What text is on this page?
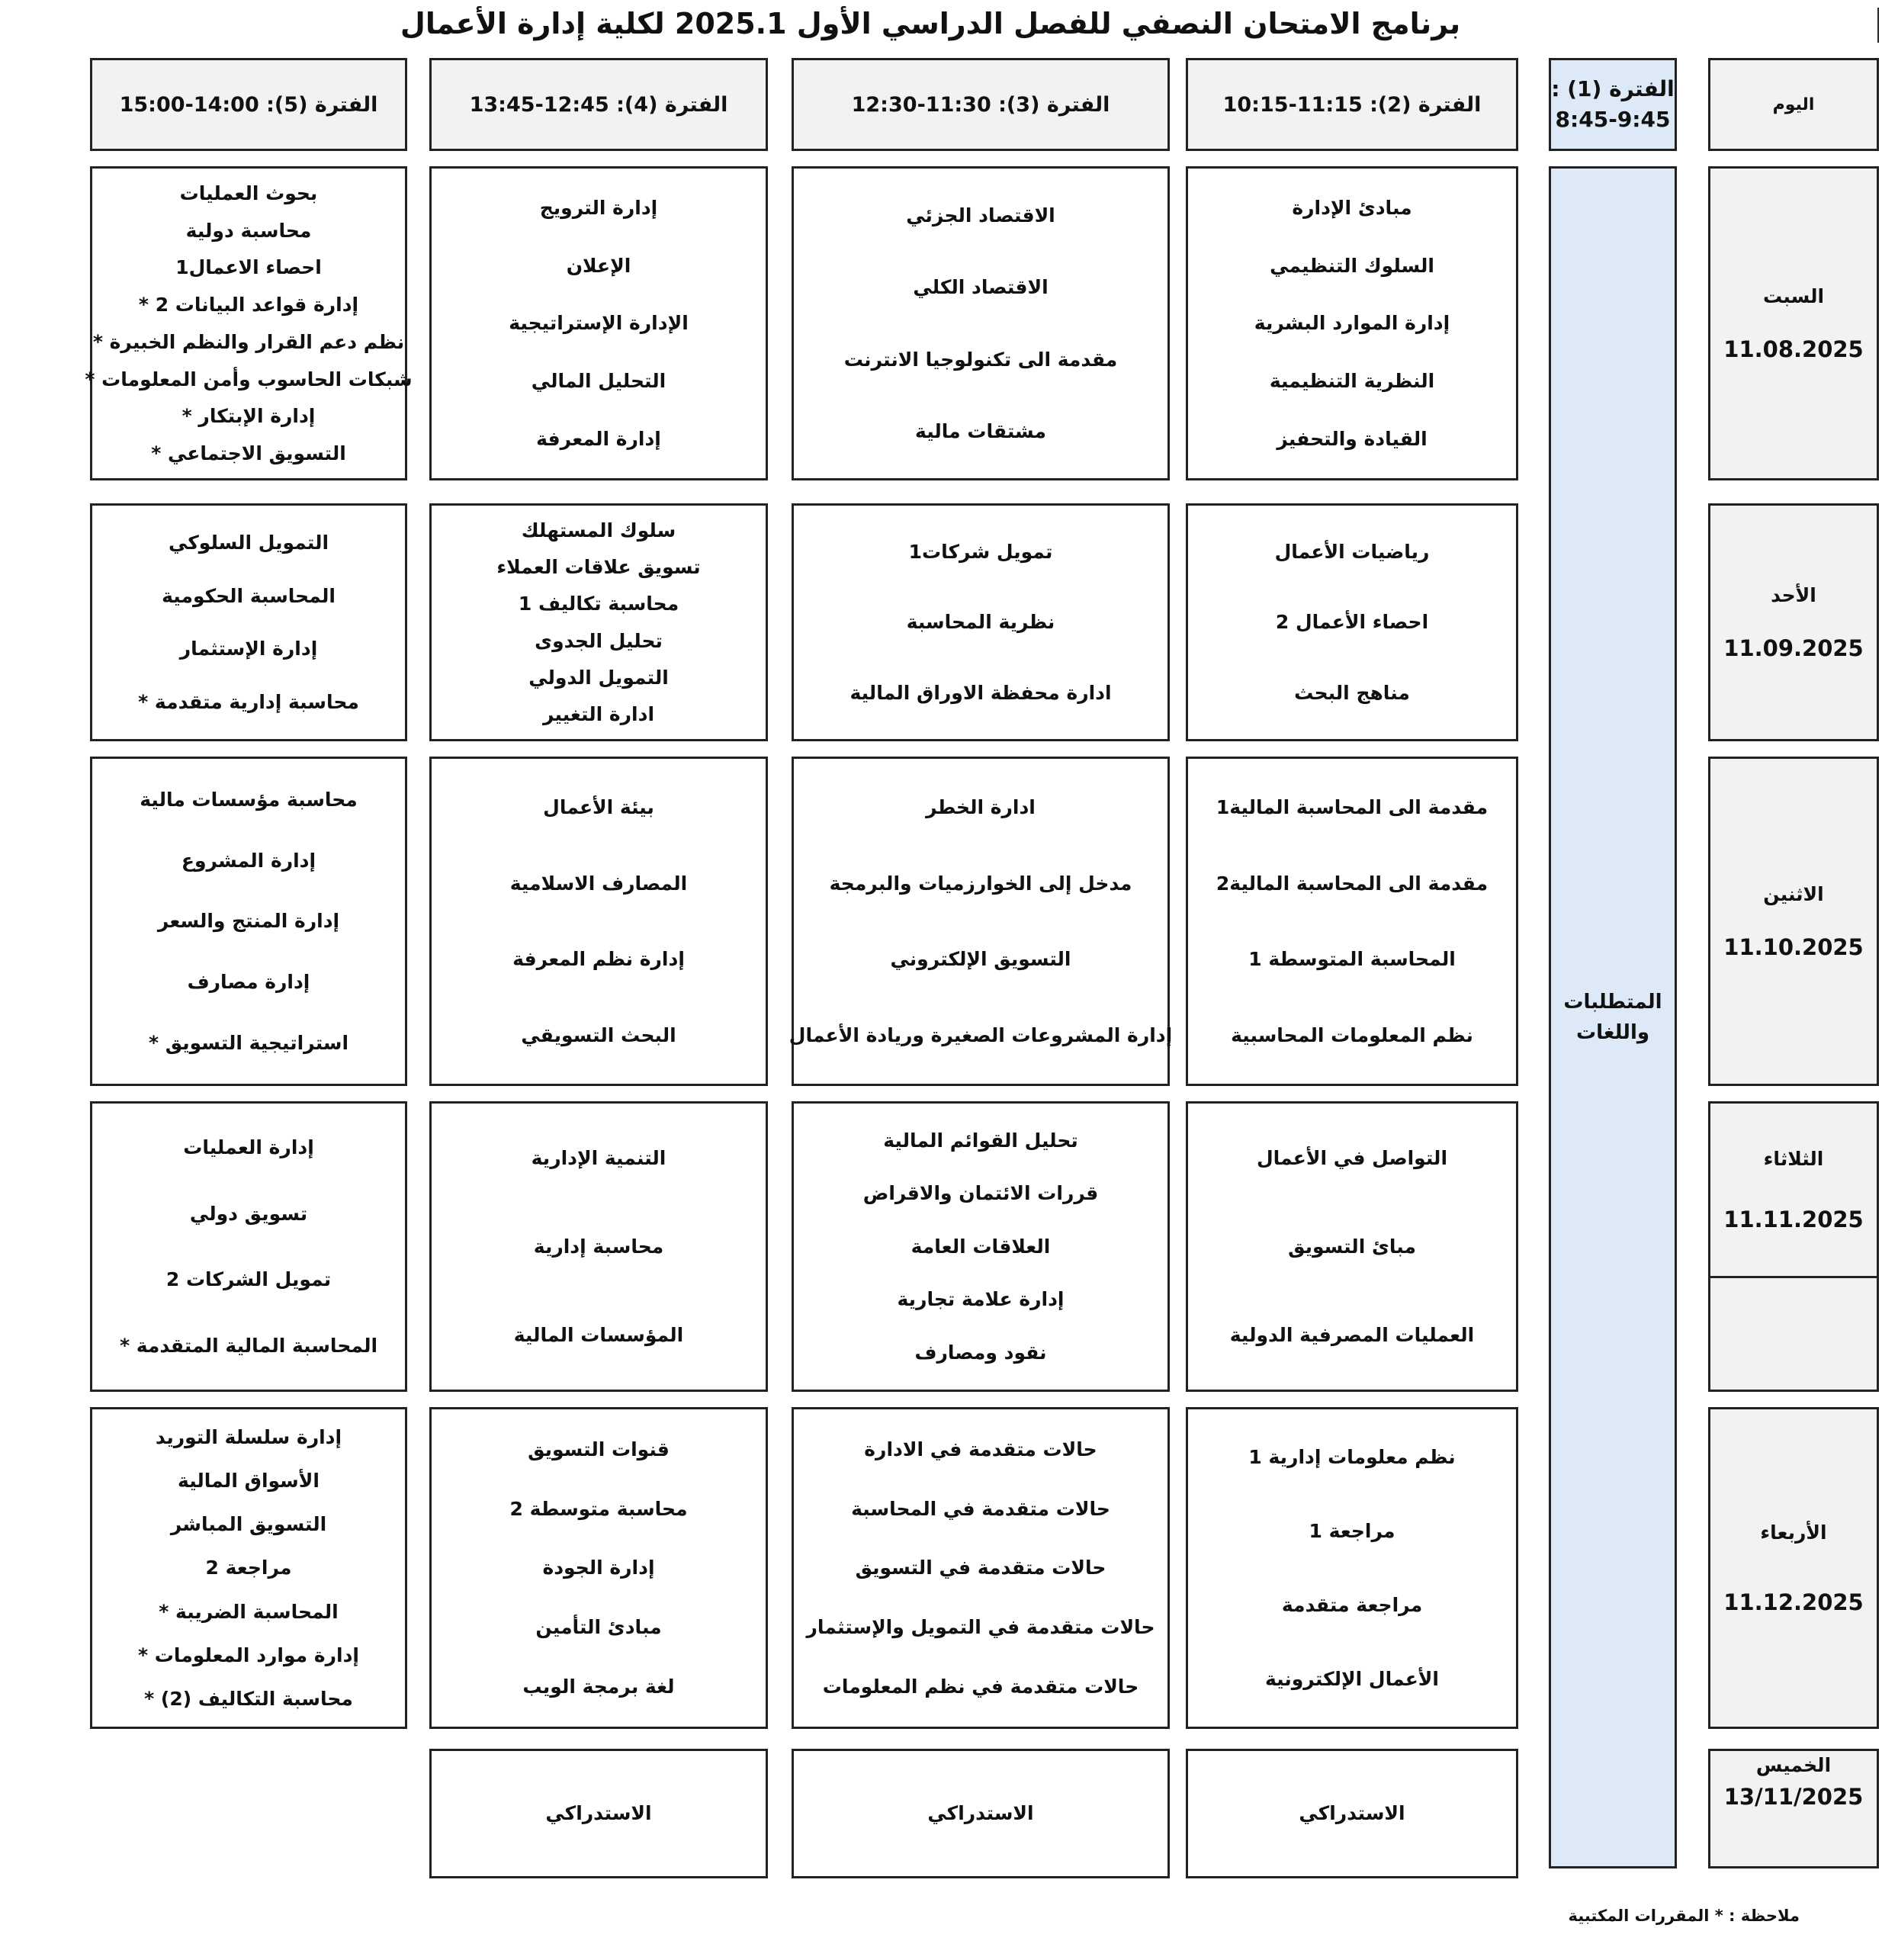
برنامج الامتحان النصفي للفصل الدراسي الأول 2025.1 لكلية إدارة الأعمال
اليوم
الفترة (1) :
8:45-9:45
الفترة (2): 11:15-10:15
الفترة (3): 11:30-12:30
الفترة (4): 12:45-13:45
الفترة (5): 14:00-15:00
المتطلبات
واللغات
السبت
11.08.2025
مبادئ الإدارة
السلوك التنظيمي
إدارة الموارد البشرية
النظرية التنظيمية
القيادة والتحفيز
الاقتصاد الجزئي
الاقتصاد الكلي
مقدمة الى تكنولوجيا الانترنت
مشتقات مالية
إدارة الترويج
الإعلان
الإدارة الإستراتيجية
التحليل المالي
إدارة المعرفة
بحوث العمليات
محاسبة دولية
احصاء الاعمال1
إدارة قواعد البيانات 2 *
نظم دعم القرار والنظم الخبيرة *
شبكات الحاسوب وأمن المعلومات *
إدارة الإبتكار *
التسويق الاجتماعي *
الأحد
11.09.2025
رياضيات الأعمال
احصاء الأعمال 2
مناهج البحث
تمويل شركات1
نظرية المحاسبة
ادارة محفظة الاوراق المالية
سلوك المستهلك
تسويق علاقات العملاء
محاسبة تكاليف 1
تحليل الجدوى
التمويل الدولي
ادارة التغيير
التمويل السلوكي
المحاسبة الحكومية
إدارة الإستثمار
محاسبة إدارية متقدمة *
الاثنين
11.10.2025
مقدمة الى المحاسبة المالية1
مقدمة الى المحاسبة المالية2
المحاسبة المتوسطة 1
نظم المعلومات المحاسبية
ادارة الخطر
مدخل إلى الخوارزميات والبرمجة
التسويق الإلكتروني
إدارة المشروعات الصغيرة وريادة الأعمال
بيئة الأعمال
المصارف الاسلامية
إدارة نظم المعرفة
البحث التسويقي
محاسبة مؤسسات مالية
إدارة المشروع
إدارة المنتج والسعر
إدارة مصارف
استراتيجية التسويق *
الثلاثاء
11.11.2025
التواصل في الأعمال
مبائ التسويق
العمليات المصرفية الدولية
تحليل القوائم المالية
قررات الائتمان والاقراض
العلاقات العامة
إدارة علامة تجارية
نقود ومصارف
التنمية الإدارية
محاسبة إدارية
المؤسسات المالية
إدارة العمليات
تسويق دولي
تمويل الشركات 2
المحاسبة المالية المتقدمة *
الأربعاء
11.12.2025
نظم معلومات إدارية 1
مراجعة 1
مراجعة متقدمة
الأعمال الإلكترونية
حالات متقدمة في الادارة
حالات متقدمة في المحاسبة
حالات متقدمة في التسويق
حالات متقدمة في التمويل والإستثمار
حالات متقدمة في نظم المعلومات
قنوات التسويق
محاسبة متوسطة 2
إدارة الجودة
مبادئ التأمين
لغة برمجة الويب
إدارة سلسلة التوريد
الأسواق المالية
التسويق المباشر
مراجعة 2
المحاسبة الضريبة *
إدارة موارد المعلومات *
محاسبة التكاليف (2) *
الخميس
13/11/2025
الاستدراكي
الاستدراكي
الاستدراكي
ملاحظة : * المقررات المكتبية
